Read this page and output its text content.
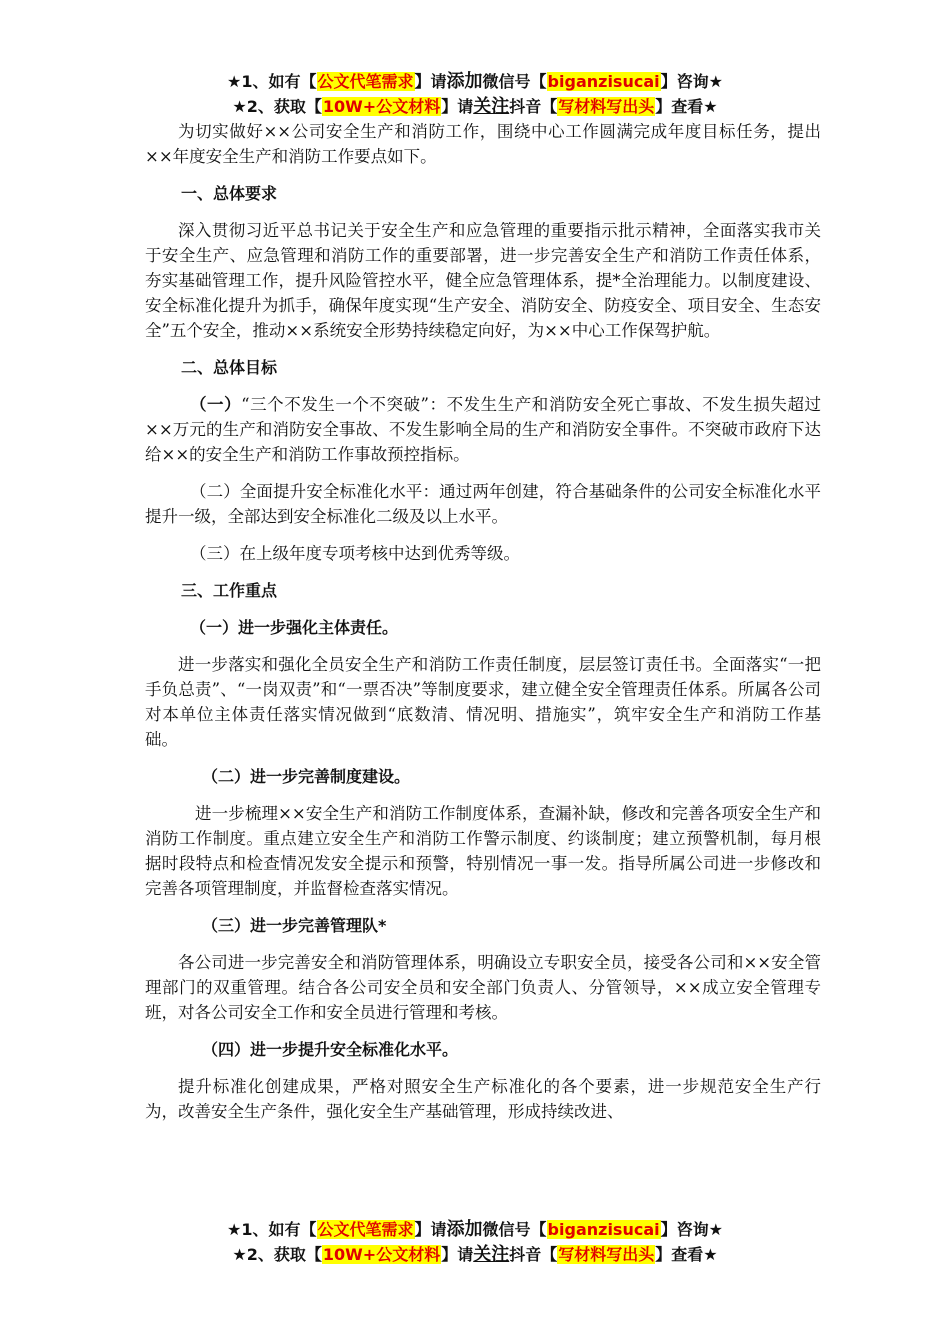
★1、如有【公文代笔需求】请添加微信号【biganzisucai】咨询★
★2、获取【10W+公文材料】请关注抖音【写材料写出头】查看★

为切实做好××公司安全生产和消防工作，围绕中心工作圆满完成年度目标任务，提出××年度安全生产和消防工作要点如下。

一、总体要求

深入贯彻习近平总书记关于安全生产和应急管理的重要指示批示精神，全面落实我市关于安全生产、应急管理和消防工作的重要部署，进一步完善安全生产和消防工作责任体系，夯实基础管理工作，提升风险管控水平，健全应急管理体系，提*全治理能力。以制度建设、安全标准化提升为抓手，确保年度实现“生产安全、消防安全、防疫安全、项目安全、生态安全”五个安全，推动××系统安全形势持续稳定向好，为××中心工作保驾护航。

二、总体目标

（一）“三个不发生一个不突破”：不发生生产和消防安全死亡事故、不发生损失超过××万元的生产和消防安全事故、不发生影响全局的生产和消防安全事件。不突破市政府下达给××的安全生产和消防工作事故预控指标。

（二）全面提升安全标准化水平：通过两年创建，符合基础条件的公司安全标准化水平提升一级，全部达到安全标准化二级及以上水平。

（三）在上级年度专项考核中达到优秀等级。

三、工作重点

（一）进一步强化主体责任。

进一步落实和强化全员安全生产和消防工作责任制度，层层签订责任书。全面落实“一把手负总责”、“一岗双责”和“一票否决”等制度要求，建立健全安全管理责任体系。所属各公司对本单位主体责任落实情况做到“底数清、情况明、措施实”，筑牢安全生产和消防工作基础。

（二）进一步完善制度建设。

进一步梳理××安全生产和消防工作制度体系，查漏补缺，修改和完善各项安全生产和消防工作制度。重点建立安全生产和消防工作警示制度、约谈制度；建立预警机制，每月根据时段特点和检查情况发安全提示和预警，特别情况一事一发。指导所属公司进一步修改和完善各项管理制度，并监督检查落实情况。

（三）进一步完善管理队*

各公司进一步完善安全和消防管理体系，明确设立专职安全员，接受各公司和××安全管理部门的双重管理。结合各公司安全员和安全部门负责人、分管领导，××成立安全管理专班，对各公司安全工作和安全员进行管理和考核。

（四）进一步提升安全标准化水平。

提升标准化创建成果，严格对照安全生产标准化的各个要素，进一步规范安全生产行为，改善安全生产条件，强化安全生产基础管理，形成持续改进、

★1、如有【公文代笔需求】请添加微信号【biganzisucai】咨询★
★2、获取【10W+公文材料】请关注抖音【写材料写出头】查看★
